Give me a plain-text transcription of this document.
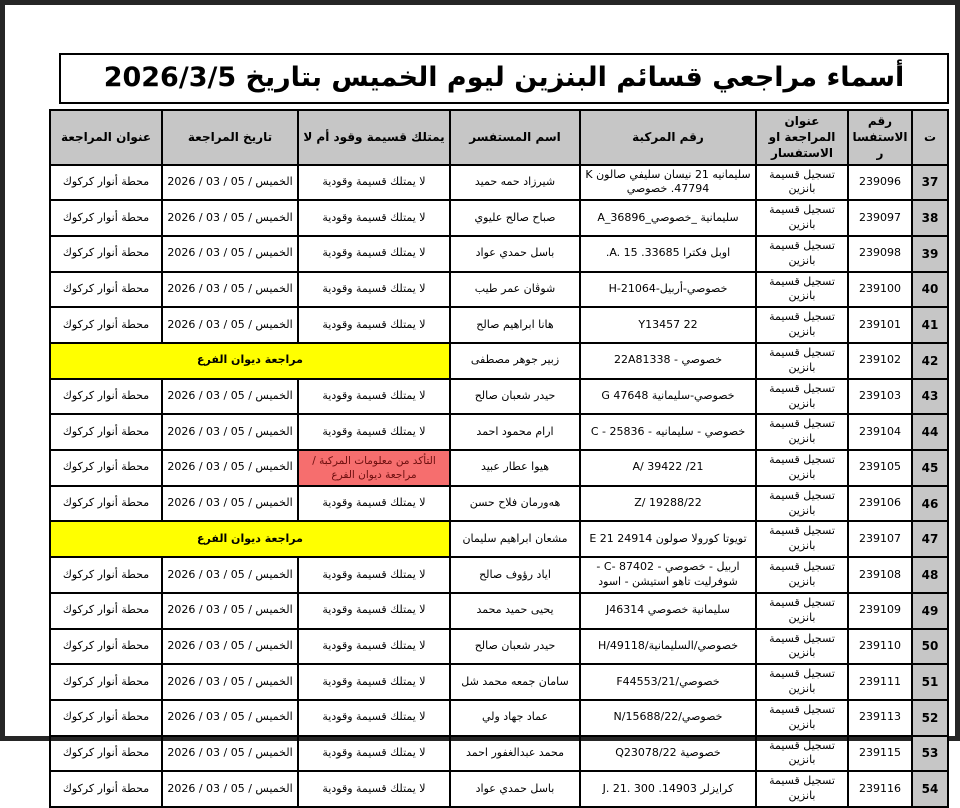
أسماء مراجعي قسائم البنزين ليوم الخميس بتاريخ 2026/3/5
ت	رقم الاستفسار	عنوان المراجعة او الاستفسار	رقم المركبة	اسم المستفسر	يمتلك قسيمة وقود أم لا	تاريخ المراجعة	عنوان المراجعة
37	239096	تسجيل قسيمة بانزين	سليمانيه 21 نيسان سليفي صالون K 47794. خصوصي	شيرزاد حمه حميد	لا يمتلك قسيمة وقودية	الخميس / 05 / 03 / 2026	محطة أنوار كركوك
38	239097	تسجيل قسيمة بانزين	سليمانية _خصوصي_A_36896	صباح صالح عليوي	لا يمتلك قسيمة وقودية	الخميس / 05 / 03 / 2026	محطة أنوار كركوك
39	239098	تسجيل قسيمة بانزين	اوبل فكترا 33685. A. 15.	باسل حمدي عواد	لا يمتلك قسيمة وقودية	الخميس / 05 / 03 / 2026	محطة أنوار كركوك
40	239100	تسجيل قسيمة بانزين	خصوصي-أربيل-H-21064	شوڤان عمر طيب	لا يمتلك قسيمة وقودية	الخميس / 05 / 03 / 2026	محطة أنوار كركوك
41	239101	تسجيل قسيمة بانزين	Y13457 22	هانا ابراهيم صالح	لا يمتلك قسيمة وقودية	الخميس / 05 / 03 / 2026	محطة أنوار كركوك
42	239102	تسجيل قسيمة بانزين	خصوصي - 22A81338	زبير جوهر مصطفى	مراجعة ديوان الفرع		
43	239103	تسجيل قسيمة بانزين	خصوصي-سليمانية G 47648	حيدر شعبان صالح	لا يمتلك قسيمة وقودية	الخميس / 05 / 03 / 2026	محطة أنوار كركوك
44	239104	تسجيل قسيمة بانزين	خصوصي - سليمانيه - C - 25836	ارام محمود احمد	لا يمتلك قسيمة وقودية	الخميس / 05 / 03 / 2026	محطة أنوار كركوك
45	239105	تسجيل قسيمة بانزين	21/ A/ 39422	هيوا عطار عبيد	التأكد من معلومات المركبة / مراجعة ديوان الفرع	الخميس / 05 / 03 / 2026	محطة أنوار كركوك
46	239106	تسجيل قسيمة بانزين	22/Z/ 19288	هەورمان فلاح حسن	لا يمتلك قسيمة وقودية	الخميس / 05 / 03 / 2026	محطة أنوار كركوك
47	239107	تسجيل قسيمة بانزين	تويوتا كورولا صولون 24914 E 21	مشعان ابراهيم سليمان	مراجعة ديوان الفرع		
48	239108	تسجيل قسيمة بانزين	اربيل - خصوصي - C- 87402 - شوفرليت تاهو استيشن - اسود	اياد رؤوف صالح	لا يمتلك قسيمة وقودية	الخميس / 05 / 03 / 2026	محطة أنوار كركوك
49	239109	تسجيل قسيمة بانزين	سليمانية خصوصي J46314	يحيى حميد محمد	لا يمتلك قسيمة وقودية	الخميس / 05 / 03 / 2026	محطة أنوار كركوك
50	239110	تسجيل قسيمة بانزين	خصوصي/السليمانية/H/49118	حيدر شعبان صالح	لا يمتلك قسيمة وقودية	الخميس / 05 / 03 / 2026	محطة أنوار كركوك
51	239111	تسجيل قسيمة بانزين	خصوصي/F44553/21	سامان جمعه محمد شل	لا يمتلك قسيمة وقودية	الخميس / 05 / 03 / 2026	محطة أنوار كركوك
52	239113	تسجيل قسيمة بانزين	خصوصي/15688/22/N	عماد جهاد ولي	لا يمتلك قسيمة وقودية	الخميس / 05 / 03 / 2026	محطة أنوار كركوك
53	239115	تسجيل قسيمة بانزين	خصوصية 22/Q23078	محمد عبدالغفور احمد	لا يمتلك قسيمة وقودية	الخميس / 05 / 03 / 2026	محطة أنوار كركوك
54	239116	تسجيل قسيمة بانزين	كرايزلر 14903. J. 21. 300	باسل حمدي عواد	لا يمتلك قسيمة وقودية	الخميس / 05 / 03 / 2026	محطة أنوار كركوك
